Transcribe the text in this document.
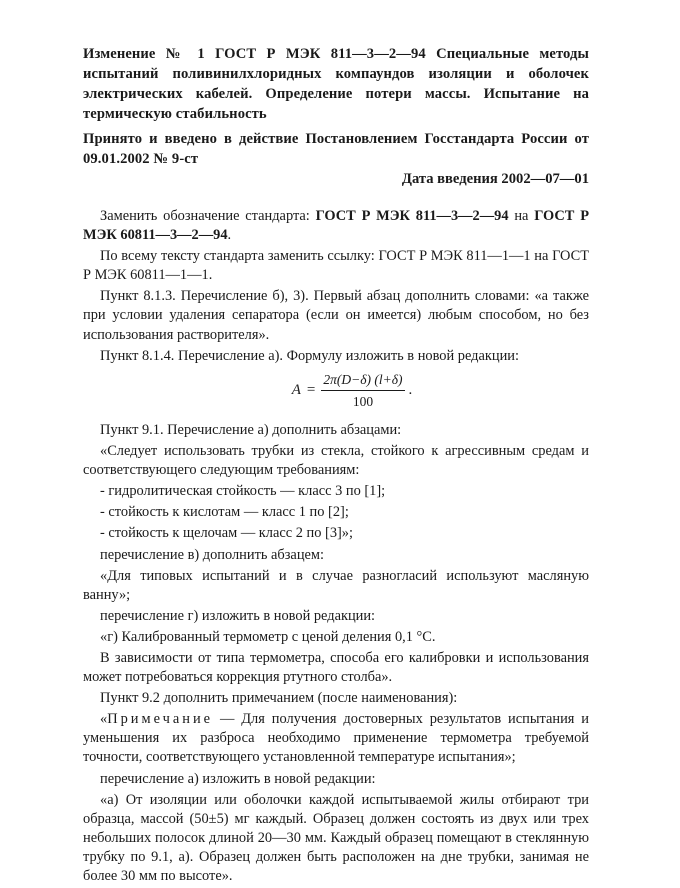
Изменение № 1 ГОСТ Р МЭК 811—3—2—94 Специальные методы испытаний поливинилхлоридных компаундов изоляции и оболочек электрических кабелей. Определение потери массы. Испытание на термическую стабильность
Принято и введено в действие Постановлением Госстандарта России от 09.01.2002 № 9-ст
Дата введения 2002—07—01

Заменить обозначение стандарта: ГОСТ Р МЭК 811—3—2—94 на ГОСТ Р МЭК 60811—3—2—94.

По всему тексту стандарта заменить ссылку: ГОСТ Р МЭК 811—1—1 на ГОСТ Р МЭК 60811—1—1.

Пункт 8.1.3. Перечисление б), 3). Первый абзац дополнить словами: «а также при условии удаления сепаратора (если он имеется) любым способом, но без использования растворителя».

Пункт 8.1.4. Перечисление а). Формулу изложить в новой редакции:

$A = \frac{2\pi(D-\delta) (l+\delta)}{100}$ .

Пункт 9.1. Перечисление а) дополнить абзацами:

«Следует использовать трубки из стекла, стойкого к агрессивным средам и соответствующего следующим требованиям:

- гидролитическая стойкость — класс 3 по [1];

- стойкость к кислотам — класс 1 по [2];

- стойкость к щелочам — класс 2 по [3]»;

перечисление в) дополнить абзацем:

«Для типовых испытаний и в случае разногласий используют масляную ванну»;

перечисление г) изложить в новой редакции:

«г) Калиброванный термометр с ценой деления 0,1 °С.

В зависимости от типа термометра, способа его калибровки и использования может потребоваться коррекция ртутного столба».

Пункт 9.2 дополнить примечанием (после наименования):

«Примечание — Для получения достоверных результатов испытания и уменьшения их разброса необходимо применение термометра требуемой точности, соответствующего установленной температуре испытания»;

перечисление а) изложить в новой редакции:

«а) От изоляции или оболочки каждой испытываемой жилы отбирают три образца, массой (50±5) мг каждый. Образец должен состоять из двух или трех небольших полосок длиной 20—30 мм. Каждый образец помещают в стеклянную трубку по 9.1, а). Образец должен быть расположен на дне трубки, занимая не более 30 мм по высоте».
